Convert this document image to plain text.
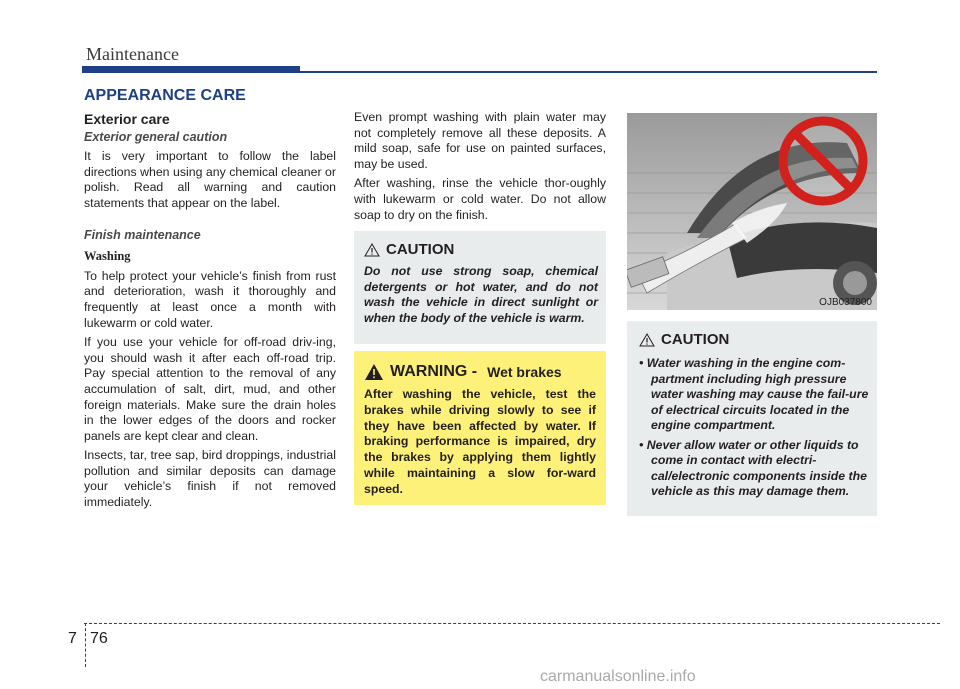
Maintenance
APPEARANCE CARE
Exterior care
Exterior general caution

It is very important to follow the label directions when using any chemical cleaner or polish. Read all warning and caution statements that appear on the label.

Finish maintenance
Washing

To help protect your vehicle’s finish from rust and deterioration, wash it thoroughly and frequently at least once a month with lukewarm or cold water.

If you use your vehicle for off-road driv-ing, you should wash it after each off-road trip. Pay special attention to the removal of any accumulation of salt, dirt, mud, and other foreign materials. Make sure the drain holes in the lower edges of the doors and rocker panels are kept clear and clean.

Insects, tar, tree sap, bird droppings, industrial pollution and similar deposits can damage your vehicle’s finish if not removed immediately.

Even prompt washing with plain water may not completely remove all these deposits. A mild soap, safe for use on painted surfaces, may be used.

After washing, rinse the vehicle thor-oughly with lukewarm or cold water. Do not allow soap to dry on the finish.

CAUTION
Do not use strong soap, chemical detergents or hot water, and do not wash the vehicle in direct sunlight or when the body of the vehicle is warm.
WARNING - Wet brakes
After washing the vehicle, test the brakes while driving slowly to see if they have been affected by water. If braking performance is impaired, dry the brakes by applying them lightly while maintaining a slow for-ward speed.
OJB037800
CAUTION
• Water washing in the engine com-partment including high pressure water washing may cause the fail-ure of electrical circuits located in the engine compartment.
• Never allow water or other liquids to come in contact with electri-cal/electronic components inside the vehicle as this may damage them.
7 76
carmanualsonline.info
